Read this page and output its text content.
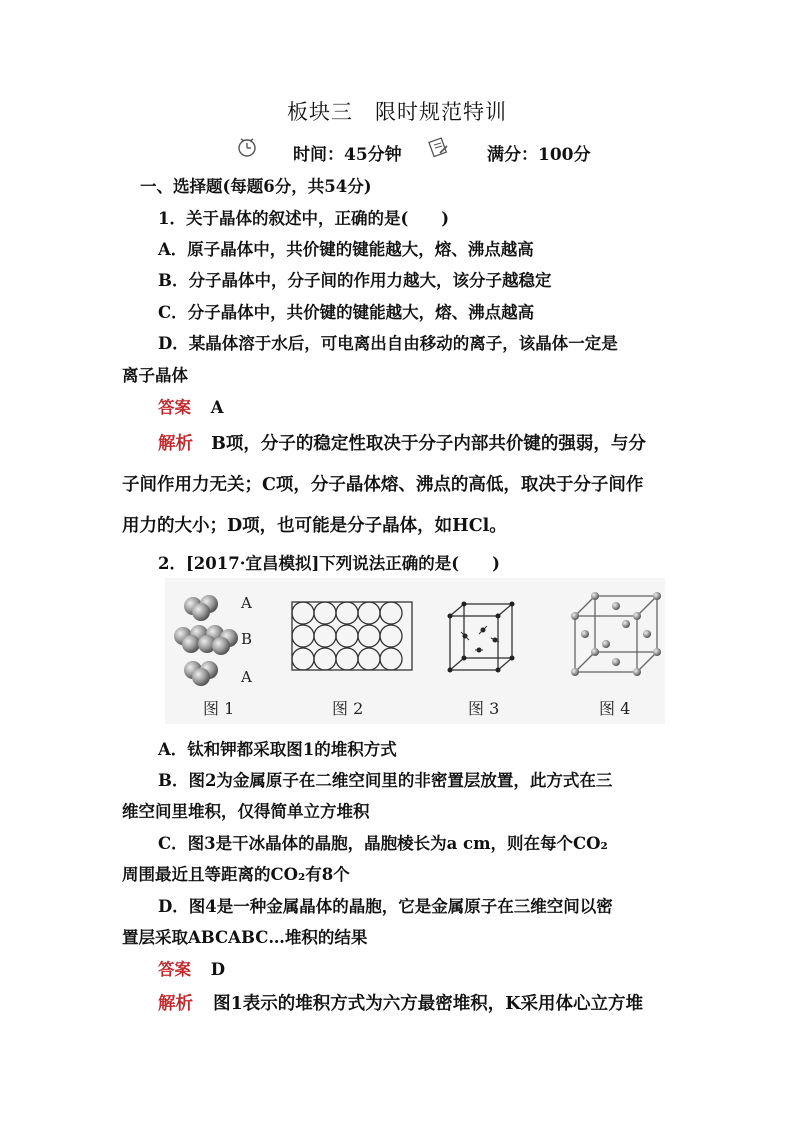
板块三　限时规范特训
时间：45分钟	满分：100分
一、选择题(每题6分，共54分)
1．关于晶体的叙述中，正确的是(　　)
A．原子晶体中，共价键的键能越大，熔、沸点越高
B．分子晶体中，分子间的作用力越大，该分子越稳定
C．分子晶体中，共价键的键能越大，熔、沸点越高
D．某晶体溶于水后，可电离出自由移动的离子，该晶体一定是
离子晶体
答案 A
解析 B项，分子的稳定性取决于分子内部共价键的强弱，与分
子间作用力无关；C项，分子晶体熔、沸点的高低，取决于分子间作
用力的大小；D项，也可能是分子晶体，如HCl。
2．[2017·宜昌模拟]下列说法正确的是(　　)
A
B
A
图 1	图 2	图 3	图 4
A．钛和钾都采取图1的堆积方式
B．图2为金属原子在二维空间里的非密置层放置，此方式在三
维空间里堆积，仅得简单立方堆积
C．图3是干冰晶体的晶胞，晶胞棱长为a cm，则在每个CO₂
周围最近且等距离的CO₂有8个
D．图4是一种金属晶体的晶胞，它是金属原子在三维空间以密
置层采取ABCABC…堆积的结果
答案 D
解析 图1表示的堆积方式为六方最密堆积，K采用体心立方堆
